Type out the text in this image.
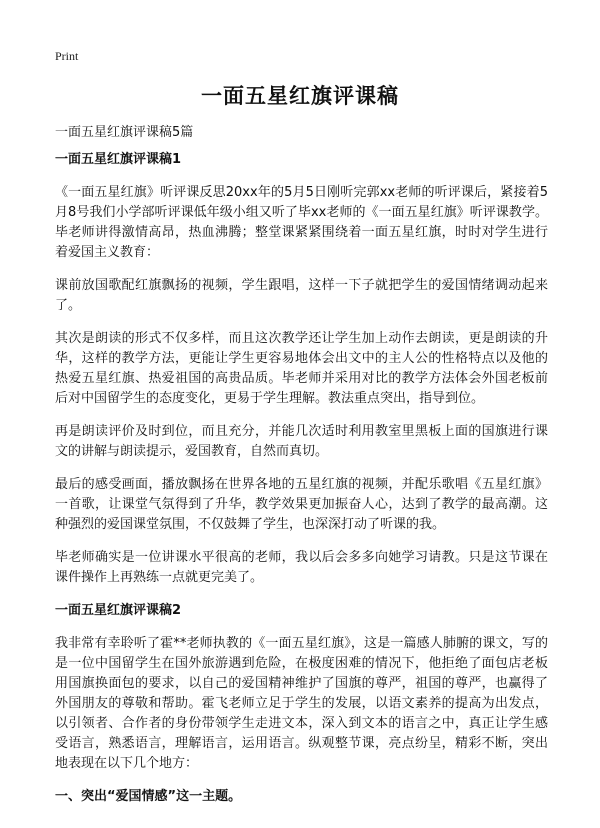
Print
一面五星红旗评课稿
一面五星红旗评课稿5篇
一面五星红旗评课稿1

《一面五星红旗》听评课反思20xx年的5月5日刚听完郭xx老师的听评课后，紧接着5月8号我们小学部听评课低年级小组又听了毕xx老师的《一面五星红旗》听评课教学。毕老师讲得激情高昂，热血沸腾；整堂课紧紧围绕着一面五星红旗，时时对学生进行着爱国主义教育：

课前放国歌配红旗飘扬的视频，学生跟唱，这样一下子就把学生的爱国情绪调动起来了。

其次是朗读的形式不仅多样，而且这次教学还让学生加上动作去朗读，更是朗读的升华，这样的教学方法，更能让学生更容易地体会出文中的主人公的性格特点以及他的热爱五星红旗、热爱祖国的高贵品质。毕老师并采用对比的教学方法体会外国老板前后对中国留学生的态度变化，更易于学生理解。教法重点突出，指导到位。

再是朗读评价及时到位，而且充分，并能几次适时利用教室里黑板上面的国旗进行课文的讲解与朗读提示，爱国教育，自然而真切。

最后的感受画面，播放飘扬在世界各地的五星红旗的视频，并配乐歌唱《五星红旗》一首歌，让课堂气氛得到了升华，教学效果更加振奋人心，达到了教学的最高潮。这种强烈的爱国课堂氛围，不仅鼓舞了学生，也深深打动了听课的我。

毕老师确实是一位讲课水平很高的老师，我以后会多多向她学习请教。只是这节课在课件操作上再熟练一点就更完美了。

一面五星红旗评课稿2

我非常有幸聆听了霍**老师执教的《一面五星红旗》，这是一篇感人肺腑的课文，写的是一位中国留学生在国外旅游遇到危险，在极度困难的情况下，他拒绝了面包店老板用国旗换面包的要求，以自己的爱国精神维护了国旗的尊严，祖国的尊严，也赢得了外国朋友的尊敬和帮助。霍飞老师立足于学生的发展，以语文素养的提高为出发点，以引领者、合作者的身份带领学生走进文本，深入到文本的语言之中，真正让学生感受语言，熟悉语言，理解语言，运用语言。纵观整节课，亮点纷呈，精彩不断，突出地表现在以下几个地方：

一、突出“爱国情感”这一主题。
